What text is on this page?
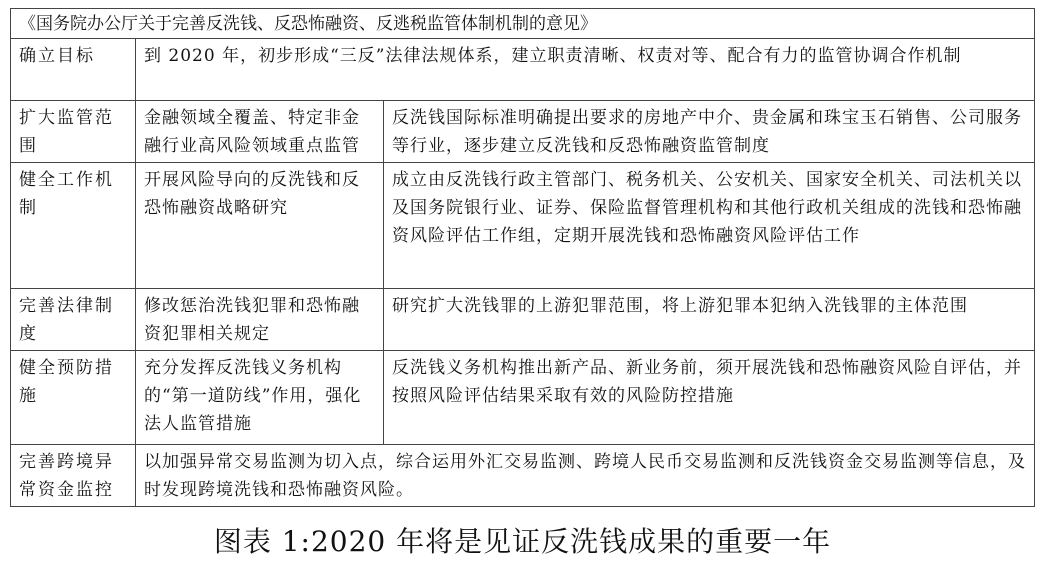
《国务院办公厅关于完善反洗钱、反恐怖融资、反逃税监管体制机制的意见》
确立目标	到 2020 年，初步形成“三反”法律法规体系，建立职责清晰、权责对等、配合有力的监管协调合作机制	
扩大监管范围	金融领域全覆盖、特定非金融行业高风险领域重点监管	反洗钱国际标准明确提出要求的房地产中介、贵金属和珠宝玉石销售、公司服务等行业，逐步建立反洗钱和反恐怖融资监管制度
健全工作机制	开展风险导向的反洗钱和反恐怖融资战略研究	成立由反洗钱行政主管部门、税务机关、公安机关、国家安全机关、司法机关以及国务院银行业、证券、保险监督管理机构和其他行政机关组成的洗钱和恐怖融资风险评估工作组，定期开展洗钱和恐怖融资风险评估工作
完善法律制度	修改惩治洗钱犯罪和恐怖融资犯罪相关规定	研究扩大洗钱罪的上游犯罪范围，将上游犯罪本犯纳入洗钱罪的主体范围
健全预防措施	充分发挥反洗钱义务机构的“第一道防线”作用，强化法人监管措施	反洗钱义务机构推出新产品、新业务前，须开展洗钱和恐怖融资风险自评估，并按照风险评估结果采取有效的风险防控措施
完善跨境异常资金监控	以加强异常交易监测为切入点，综合运用外汇交易监测、跨境人民币交易监测和反洗钱资金交易监测等信息，及时发现跨境洗钱和恐怖融资风险。	
图表 1:2020 年将是见证反洗钱成果的重要一年
